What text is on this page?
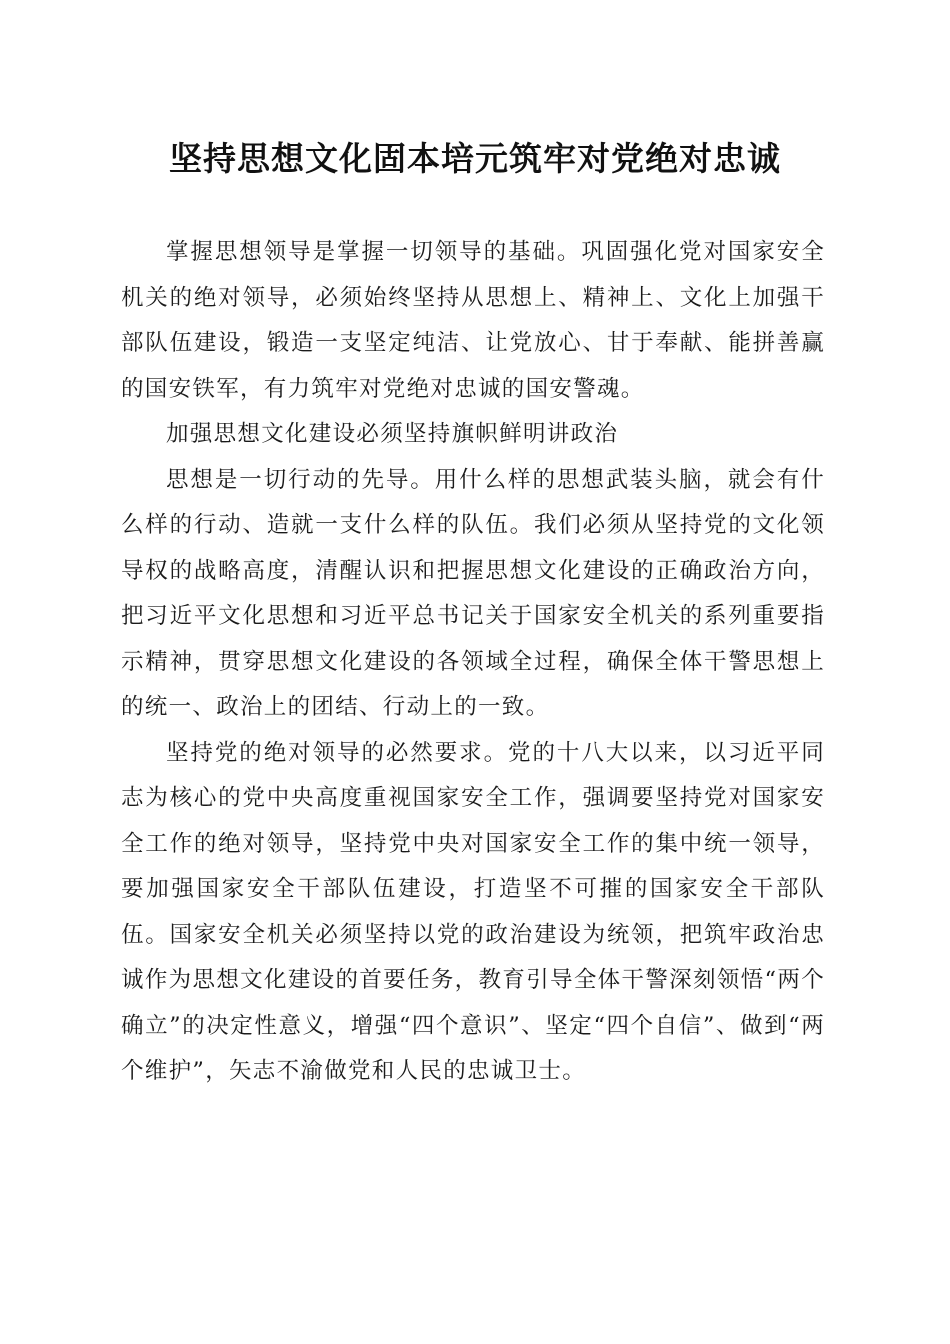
坚持思想文化固本培元筑牢对党绝对忠诚

掌握思想领导是掌握一切领导的基础。巩固强化党对国家安全机关的绝对领导，必须始终坚持从思想上、精神上、文化上加强干部队伍建设，锻造一支坚定纯洁、让党放心、甘于奉献、能拼善赢的国安铁军，有力筑牢对党绝对忠诚的国安警魂。

加强思想文化建设必须坚持旗帜鲜明讲政治

思想是一切行动的先导。用什么样的思想武装头脑，就会有什么样的行动、造就一支什么样的队伍。我们必须从坚持党的文化领导权的战略高度，清醒认识和把握思想文化建设的正确政治方向，把习近平文化思想和习近平总书记关于国家安全机关的系列重要指示精神，贯穿思想文化建设的各领域全过程，确保全体干警思想上的统一、政治上的团结、行动上的一致。

坚持党的绝对领导的必然要求。党的十八大以来，以习近平同志为核心的党中央高度重视国家安全工作，强调要坚持党对国家安全工作的绝对领导，坚持党中央对国家安全工作的集中统一领导，要加强国家安全干部队伍建设，打造坚不可摧的国家安全干部队伍。国家安全机关必须坚持以党的政治建设为统领，把筑牢政治忠诚作为思想文化建设的首要任务，教育引导全体干警深刻领悟“两个确立”的决定性意义，增强“四个意识”、坚定“四个自信”、做到“两个维护”，矢志不渝做党和人民的忠诚卫士。
